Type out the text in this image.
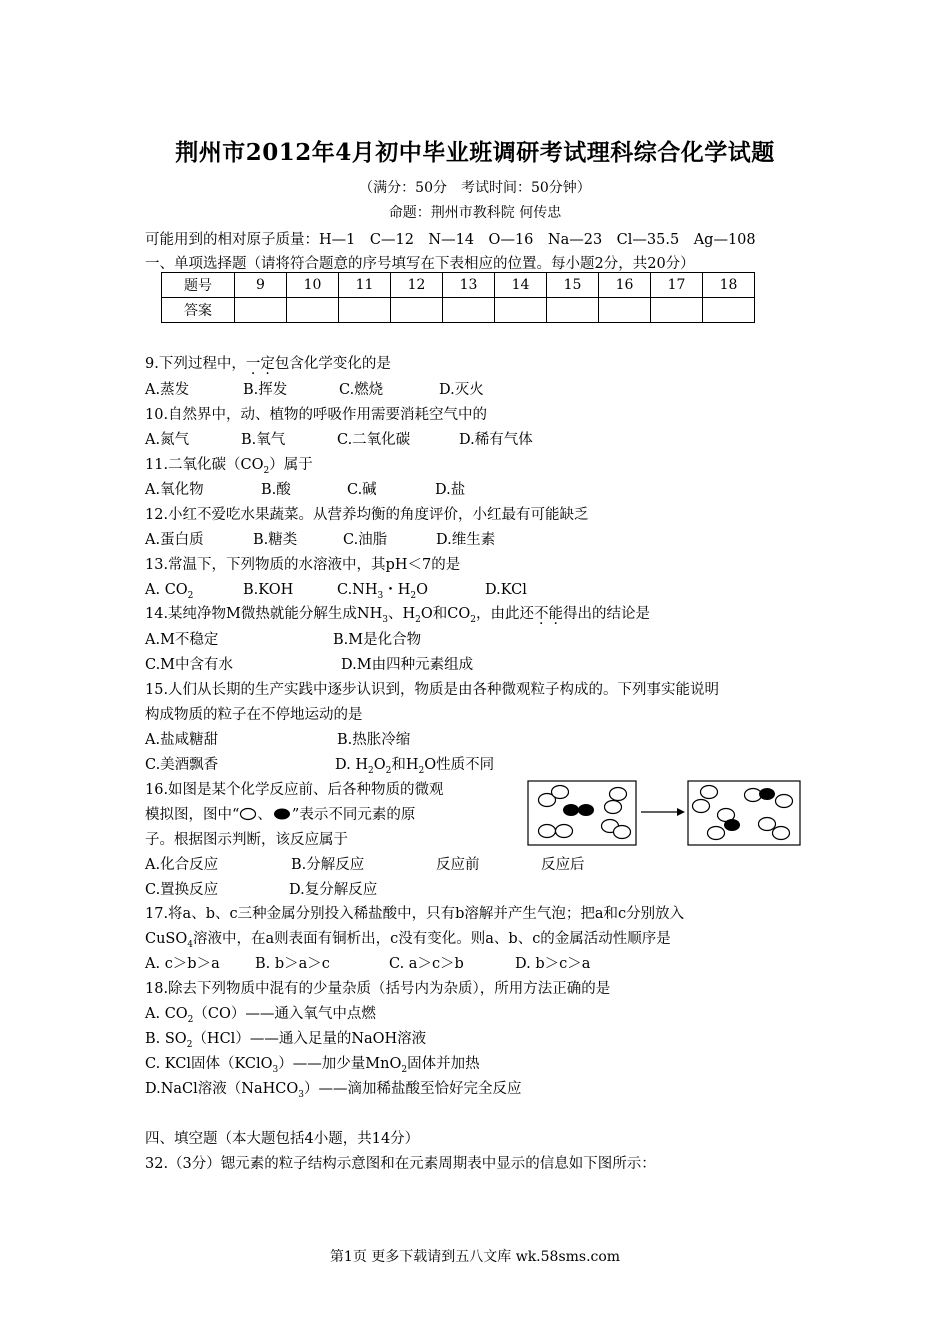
荆州市2012年4月初中毕业班调研考试理科综合化学试题
（满分：50分　考试时间：50分钟）
命题：荆州市教科院 何传忠
可能用到的相对原子质量：H—1　C—12　N—14　O—16　Na—23　Cl—35.5　Ag—108
一、单项选择题（请将符合题意的序号填写在下表相应的位置。每小题2分，共20分）
题号	9	10	11	12	13	14	15	16	17	18
答案										
9.下列过程中，一定包含化学变化的是
A.蒸发	B.挥发	C.燃烧	D.灭火
10.自然界中，动、植物的呼吸作用需要消耗空气中的
A.氮气	B.氧气	C.二氧化碳	D.稀有气体
11.二氧化碳$(CO_2)$属于
A.氧化物	B.酸	C.碱	D.盐
12.小红不爱吃水果蔬菜。从营养均衡的角度评价，小红最有可能缺乏
A.蛋白质	B.糖类	C.油脂	D.维生素
13.常温下，下列物质的水溶液中，其pH＜7的是
A. $CO_2$	B.KOH	$C.NH_3$・$H_2O$	D.KCl
14.某纯净物M微热就能分解生成$NH_3$、$H_2O$和$CO_2$，由此还不能得出的结论是
A.M不稳定	B.M是化合物
C.M中含有水	D.M由四种元素组成
15.人们从长期的生产实践中逐步认识到，物质是由各种微观粒子构成的。下列事实能说明
构成物质的粒子在不停地运动的是
A.盐咸糖甜	B.热胀冷缩
C.美酒飘香	D. $H_2O_2$和$H_2O$性质不同
16.如图是某个化学反应前、后各种物质的微观
模拟图，图中“ 、 ”表示不同元素的原
子。根据图示判断，该反应属于
A.化合反应	B.分解反应	反应前	反应后
C.置换反应	D.复分解反应
17.将a、b、c三种金属分别投入稀盐酸中，只有b溶解并产生气泡；把a和c分别放入
CuSO$_4$溶液中，在a则表面有铜析出，c没有变化。则a、b、c的金属活动性顺序是
A. c＞b＞a B. b＞a＞c	C. a＞c＞b	D. b＞c＞a
18.除去下列物质中混有的少量杂质（括号内为杂质），所用方法正确的是
A. $CO_2(CO)——$通入氧气中点燃
B. $SO_2(HCl)——$通入足量的NaOH溶液
C. KCl固体（KClO$_3$）——加少量MnO$_2$固体并加热
D.NaCl溶液（NaHCO$_3$）——滴加稀盐酸至恰好完全反应
四、填空题（本大题包括4小题，共14分）
32.（3分）锶元素的粒子结构示意图和在元素周期表中显示的信息如下图所示：
第1页 更多下载请到五八文库 wk.58sms.com
